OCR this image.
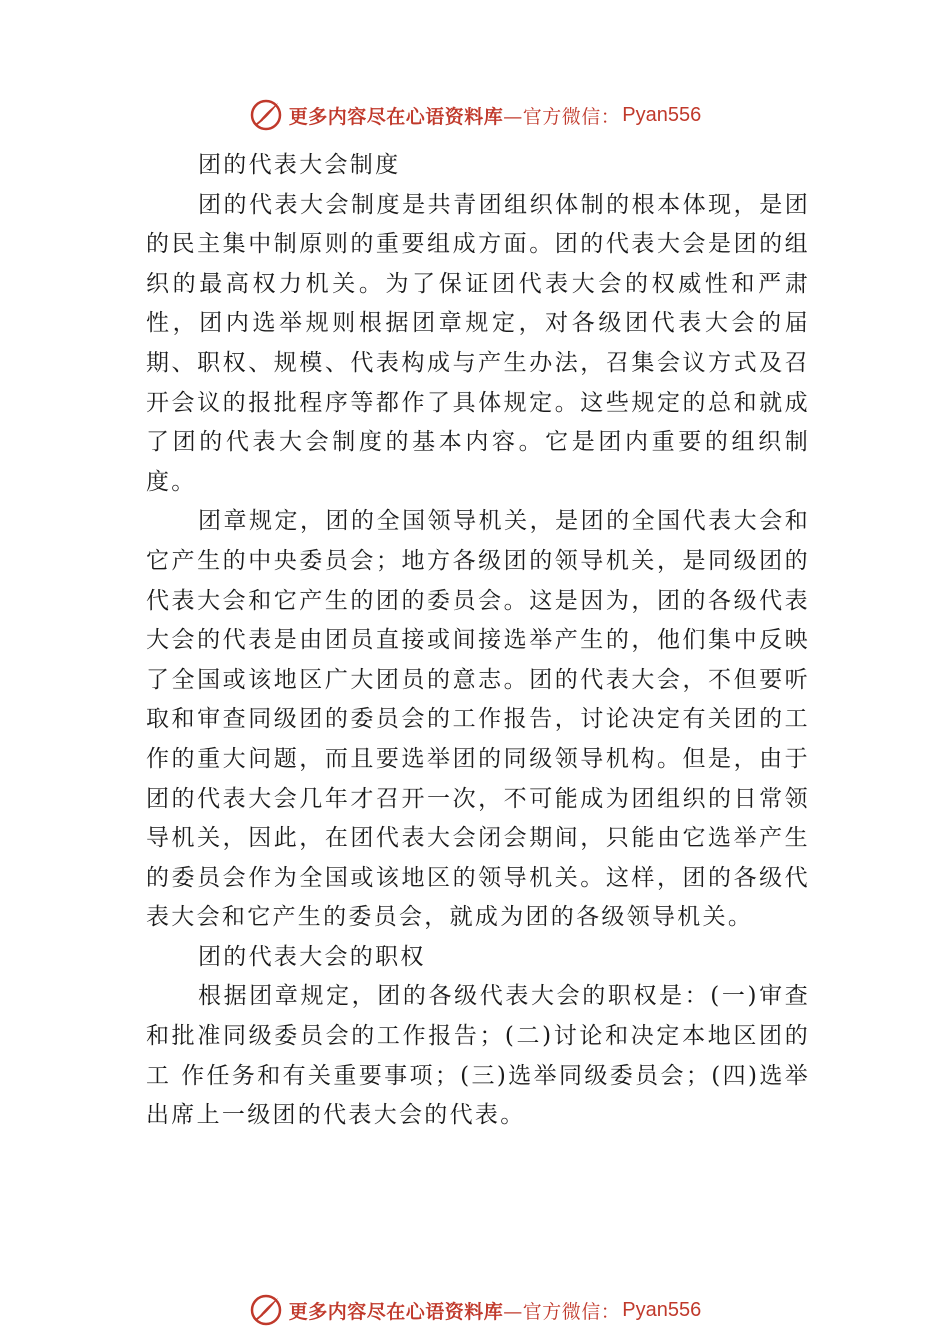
更多内容尽在心语资料库 —官方微信： Pyan556

团的代表大会制度

团的代表大会制度是共青团组织体制的根本体现，是团的民主集中制原则的重要组成方面。团的代表大会是团的组织的最高权力机关。为了保证团代表大会的权威性和严肃性，团内选举规则根据团章规定，对各级团代表大会的届期、职权、规模、代表构成与产生办法，召集会议方式及召开会议的报批程序等都作了具体规定。这些规定的总和就成了团的代表大会制度的基本内容。它是团内重要的组织制度。

团章规定，团的全国领导机关，是团的全国代表大会和它产生的中央委员会；地方各级团的领导机关，是同级团的代表大会和它产生的团的委员会。这是因为，团的各级代表大会的代表是由团员直接或间接选举产生的，他们集中反映了全国或该地区广大团员的意志。团的代表大会，不但要听取和审查同级团的委员会的工作报告，讨论决定有关团的工作的重大问题，而且要选举团的同级领导机构。但是，由于 团的代表大会几年才召开一次，不可能成为团组织的日常领导机关，因此，在团代表大会闭会期间，只能由它选举产生 的委员会作为全国或该地区的领导机关。这样，团的各级代表大会和它产生的委员会，就成为团的各级领导机关。

团的代表大会的职权

根据团章规定，团的各级代表大会的职权是：(一)审查和批准同级委员会的工作报告；(二)讨论和决定本地区团的工 作任务和有关重要事项；(三)选举同级委员会；(四)选举出席上一级团的代表大会的代表。

更多内容尽在心语资料库 —官方微信： Pyan556
